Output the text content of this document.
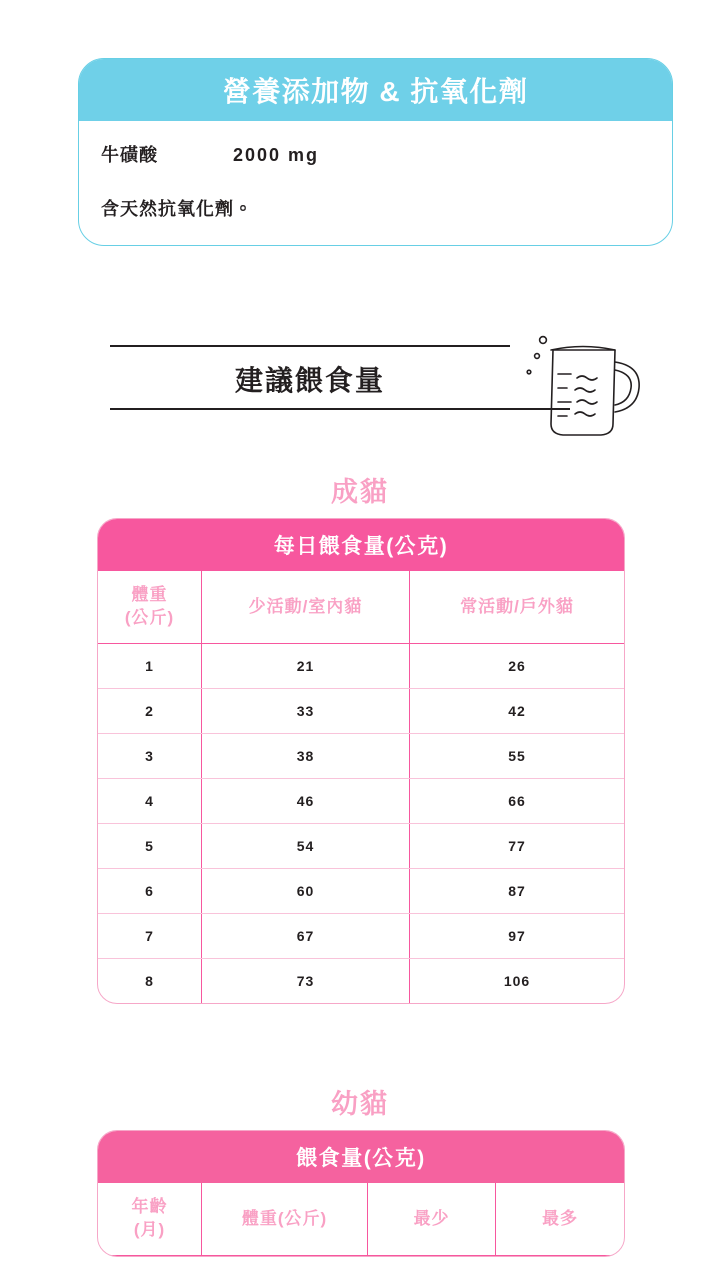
營養添加物 & 抗氧化劑
牛磺酸	2000 mg
含天然抗氧化劑。
建議餵食量
成貓
每日餵食量(公克)
體重
(公斤)
少活動/室內貓	常活動/戶外貓
1	21	26
2	33	42
3	38	55
4	46	66
5	54	77
6	60	87
7	67	97
8	73	106
幼貓
餵食量(公克)
年齡
(月)
體重(公斤)	最少	最多
